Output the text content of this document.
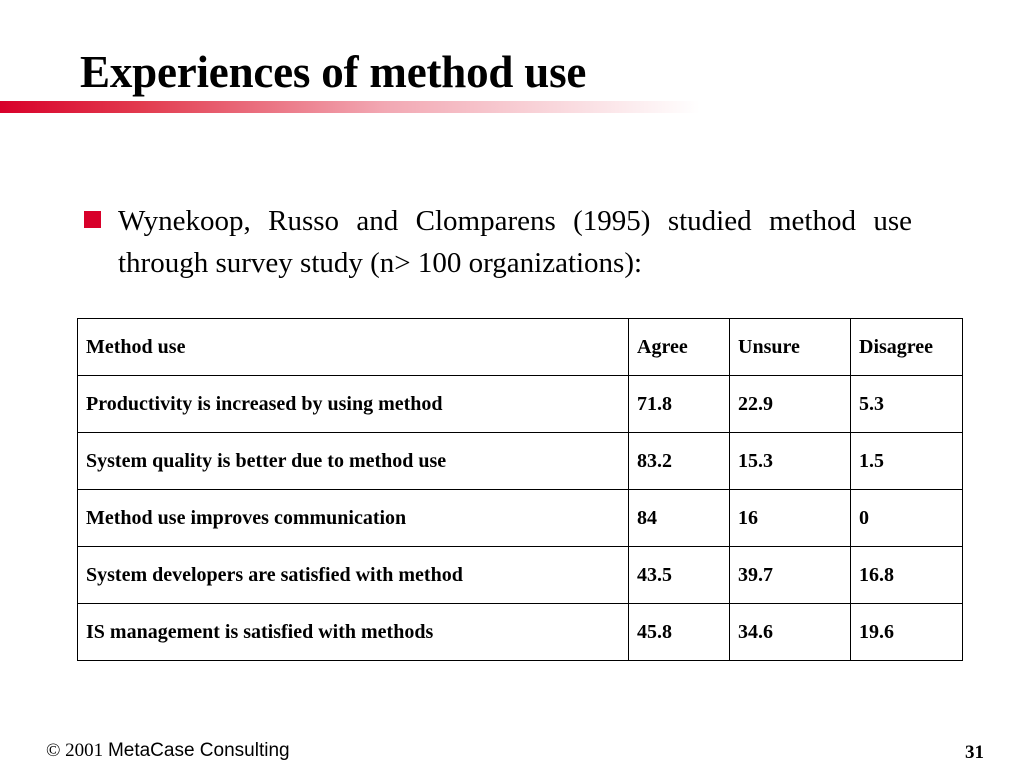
Experiences of method use
Wynekoop, Russo and Clomparens (1995) studied method use through survey study (n> 100 organizations):
Method use	Agree	Unsure	Disagree
Productivity is increased by using method	71.8	22.9	5.3
System quality is better due to method use	83.2	15.3	1.5
Method use improves communication	84	16	0
System developers are satisfied with method	43.5	39.7	16.8
IS management is satisfied with methods	45.8	34.6	19.6
© 2001 MetaCase Consulting	31
